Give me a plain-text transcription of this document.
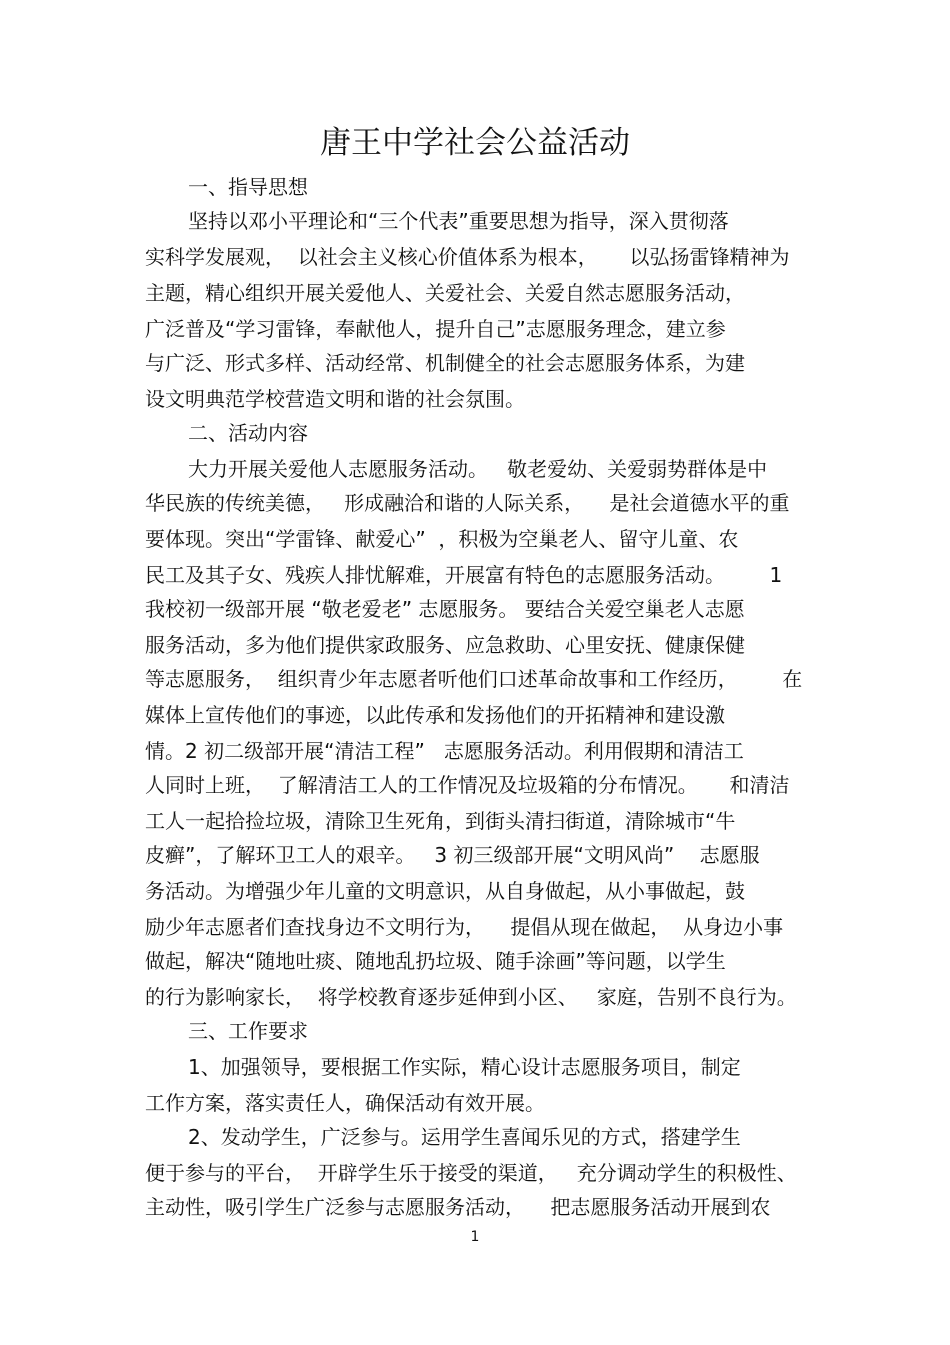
唐王中学社会公益活动

一、指导思想

坚持以邓小平理论和“三个代表”重要思想为指导，深入贯彻落

实科学发展观，  以社会主义核心价值体系为根本，     以弘扬雷锋精神为

主题，精心组织开展关爱他人、关爱社会、关爱自然志愿服务活动，

广泛普及“学习雷锋，奉献他人，提升自己”志愿服务理念，建立参

与广泛、形式多样、活动经常、机制健全的社会志愿服务体系，为建

设文明典范学校营造文明和谐的社会氛围。

二、活动内容

大力开展关爱他人志愿服务活动。   敬老爱幼、关爱弱势群体是中

华民族的传统美德，   形成融洽和谐的人际关系，    是社会道德水平的重

要体现。突出“学雷锋、献爱心”  ，积极为空巢老人、留守儿童、农

民工及其子女、残疾人排忧解难，开展富有特色的志愿服务活动。       1

我校初一级部开展 “敬老爱老” 志愿服务。 要结合关爱空巢老人志愿

服务活动，多为他们提供家政服务、应急救助、心里安抚、健康保健

等志愿服务，  组织青少年志愿者听他们口述革命故事和工作经历，       在

媒体上宣传他们的事迹，以此传承和发扬他们的开拓精神和建设激

情。2 初二级部开展“清洁工程”   志愿服务活动。利用假期和清洁工

人同时上班，  了解清洁工人的工作情况及垃圾箱的分布情况。     和清洁

工人一起拾捡垃圾，清除卫生死角，到街头清扫街道，清除城市“牛

皮癣”，了解环卫工人的艰辛。   3 初三级部开展“文明风尚”    志愿服

务活动。为增强少年儿童的文明意识，从自身做起，从小事做起，鼓

励少年志愿者们查找身边不文明行为，    提倡从现在做起，  从身边小事

做起，解决“随地吐痰、随地乱扔垃圾、随手涂画”等问题，以学生

的行为影响家长，  将学校教育逐步延伸到小区、   家庭，告别不良行为。

三、工作要求

1、加强领导，要根据工作实际，精心设计志愿服务项目，制定

工作方案，落实责任人，确保活动有效开展。

2、发动学生，广泛参与。运用学生喜闻乐见的方式，搭建学生

便于参与的平台，  开辟学生乐于接受的渠道，   充分调动学生的积极性、

主动性，吸引学生广泛参与志愿服务活动，    把志愿服务活动开展到农

1
